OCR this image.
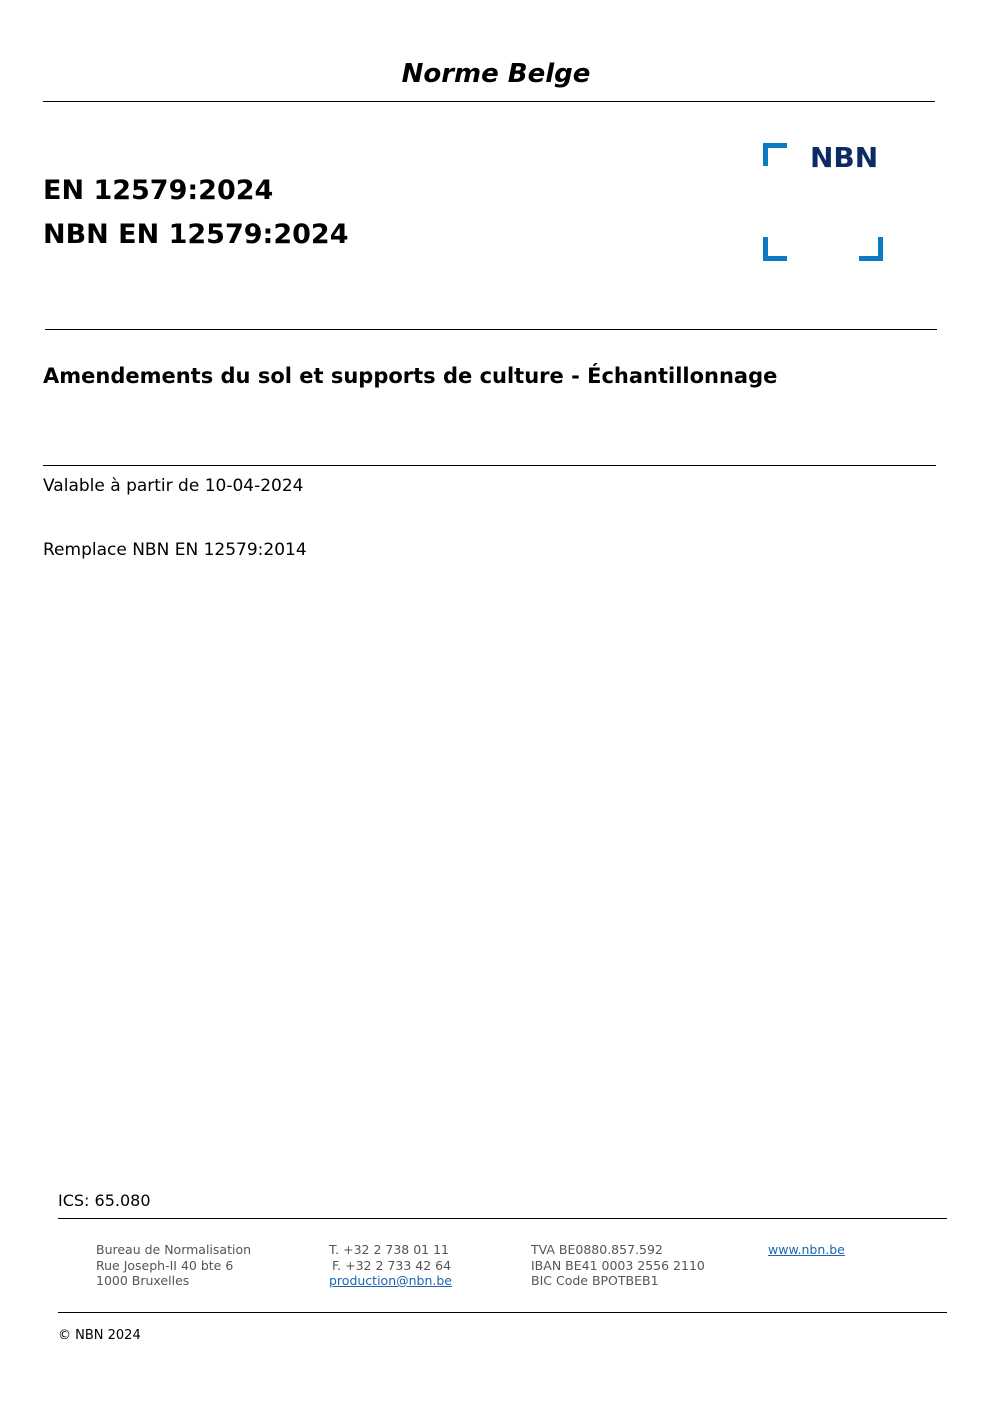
Norme Belge
EN 12579:2024
NBN EN 12579:2024
NBN
Amendements du sol et supports de culture - Échantillonnage
Valable à partir de 10-04-2024
Remplace NBN EN 12579:2014
ICS: 65.080
Bureau de Normalisation
Rue Joseph-II 40 bte 6
1000 Bruxelles
T. +32 2 738 01 11
F. +32 2 733 42 64
production@nbn.be
TVA BE0880.857.592
IBAN BE41 0003 2556 2110
BIC Code BPOTBEB1
www.nbn.be
© NBN 2024
